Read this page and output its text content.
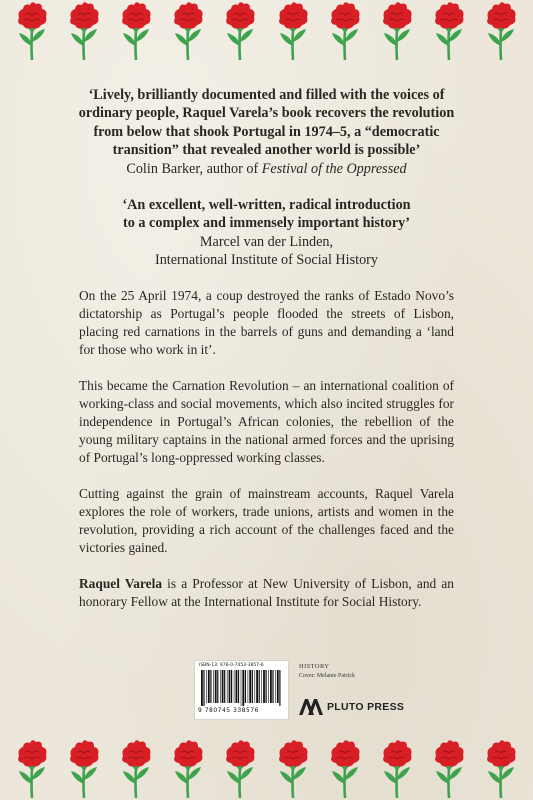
‘Lively, brilliantly documented and filled with the voices of
ordinary people, Raquel Varela’s book recovers the revolution
from below that shook Portugal in 1974–5, a “democratic
transition” that revealed another world is possible’
Colin Barker, author of Festival of the Oppressed
‘An excellent, well-written, radical introduction
to a complex and immensely important history’
Marcel van der Linden,
International Institute of Social History

On the 25 April 1974, a coup destroyed the ranks of Estado Novo’s dictatorship as Portugal’s people flooded the streets of Lisbon, placing red carnations in the barrels of guns and demanding a ‘land for those who work in it’.

This became the Carnation Revolution – an international coalition of working-class and social movements, which also incited struggles for independence in Portugal’s African colonies, the rebellion of the young military captains in the national armed forces and the uprising of Portugal’s long-oppressed working classes.

Cutting against the grain of mainstream accounts, Raquel Varela explores the role of workers, trade unions, artists and women in the revolution, providing a rich account of the challenges faced and the victories gained.

Raquel Varela is a Professor at New University of Lisbon, and an honorary Fellow at the International Institute for Social History.

ISBN-13: 978-0-7453-3857-6
9 780745 338576
HISTORY
Cover: Melanie Patrick
PLUTO PRESS
